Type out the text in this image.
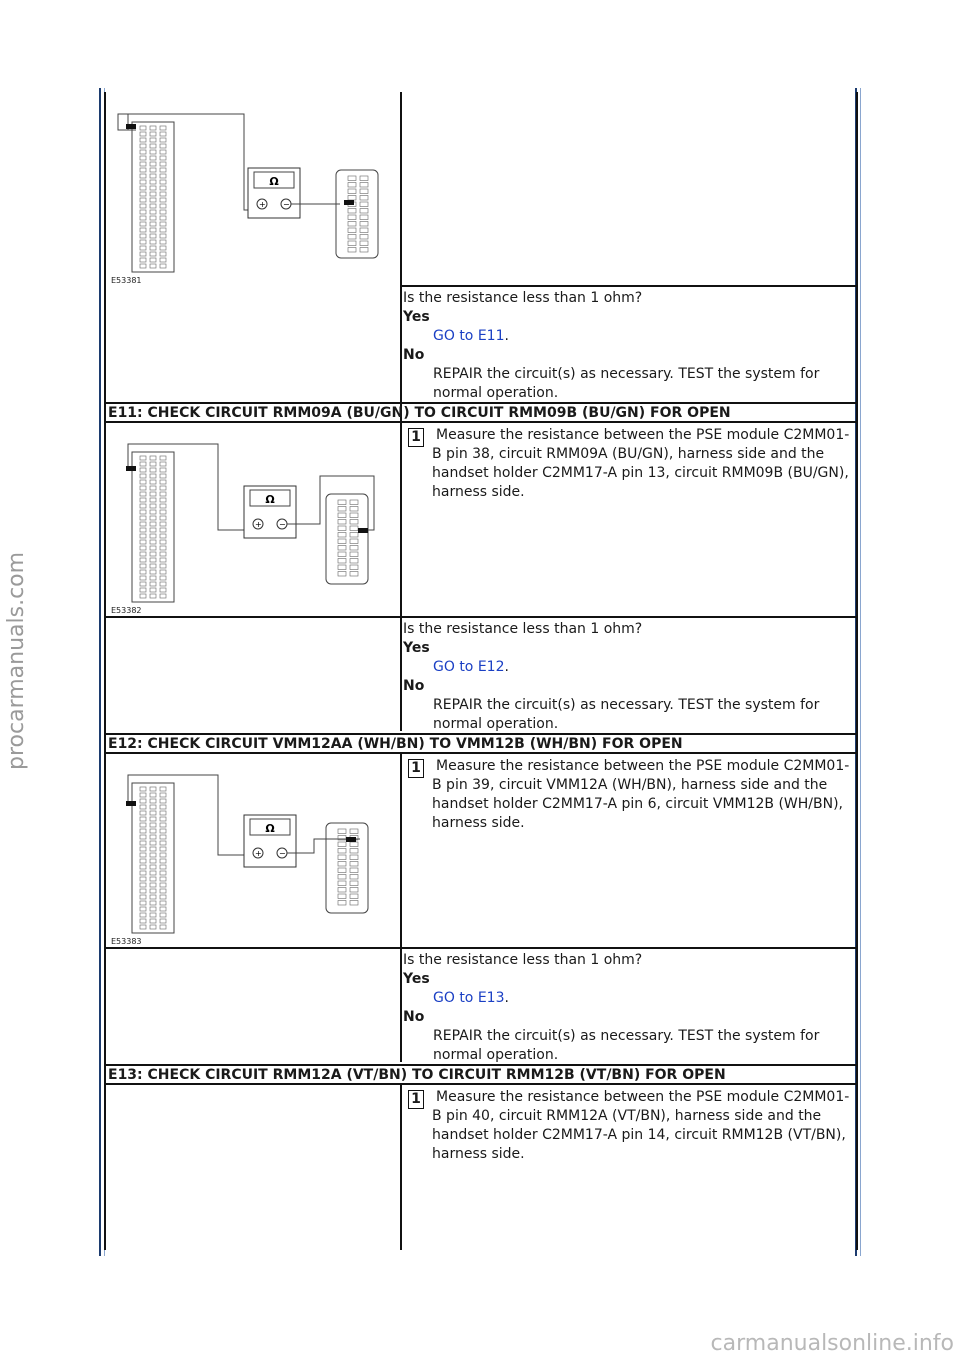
Ω
+ −
E53381
Is the resistance less than 1 ohm?
Yes
GO to E11.
No
REPAIR the circuit(s) as necessary. TEST the system for normal operation.
E11: CHECK CIRCUIT RMM09A (BU/GN) TO CIRCUIT RMM09B (BU/GN) FOR OPEN
1	Measure the resistance between the PSE module C2MM01-B pin 38, circuit RMM09A (BU/GN), harness side and the handset holder C2MM17-A pin 13, circuit RMM09B (BU/GN), harness side.
Ω
+ −
E53382
Is the resistance less than 1 ohm?
Yes
GO to E12.
No
REPAIR the circuit(s) as necessary. TEST the system for normal operation.
E12: CHECK CIRCUIT VMM12AA (WH/BN) TO VMM12B (WH/BN) FOR OPEN
1	Measure the resistance between the PSE module C2MM01-B pin 39, circuit VMM12A (WH/BN), harness side and the handset holder C2MM17-A pin 6, circuit VMM12B (WH/BN), harness side.
Ω
+ −
E53383
Is the resistance less than 1 ohm?
Yes
GO to E13.
No
REPAIR the circuit(s) as necessary. TEST the system for normal operation.
E13: CHECK CIRCUIT RMM12A (VT/BN) TO CIRCUIT RMM12B (VT/BN) FOR OPEN
1	Measure the resistance between the PSE module C2MM01-B pin 40, circuit RMM12A (VT/BN), harness side and the handset holder C2MM17-A pin 14, circuit RMM12B (VT/BN), harness side.
procarmanuals.com
carmanualsonline.info
